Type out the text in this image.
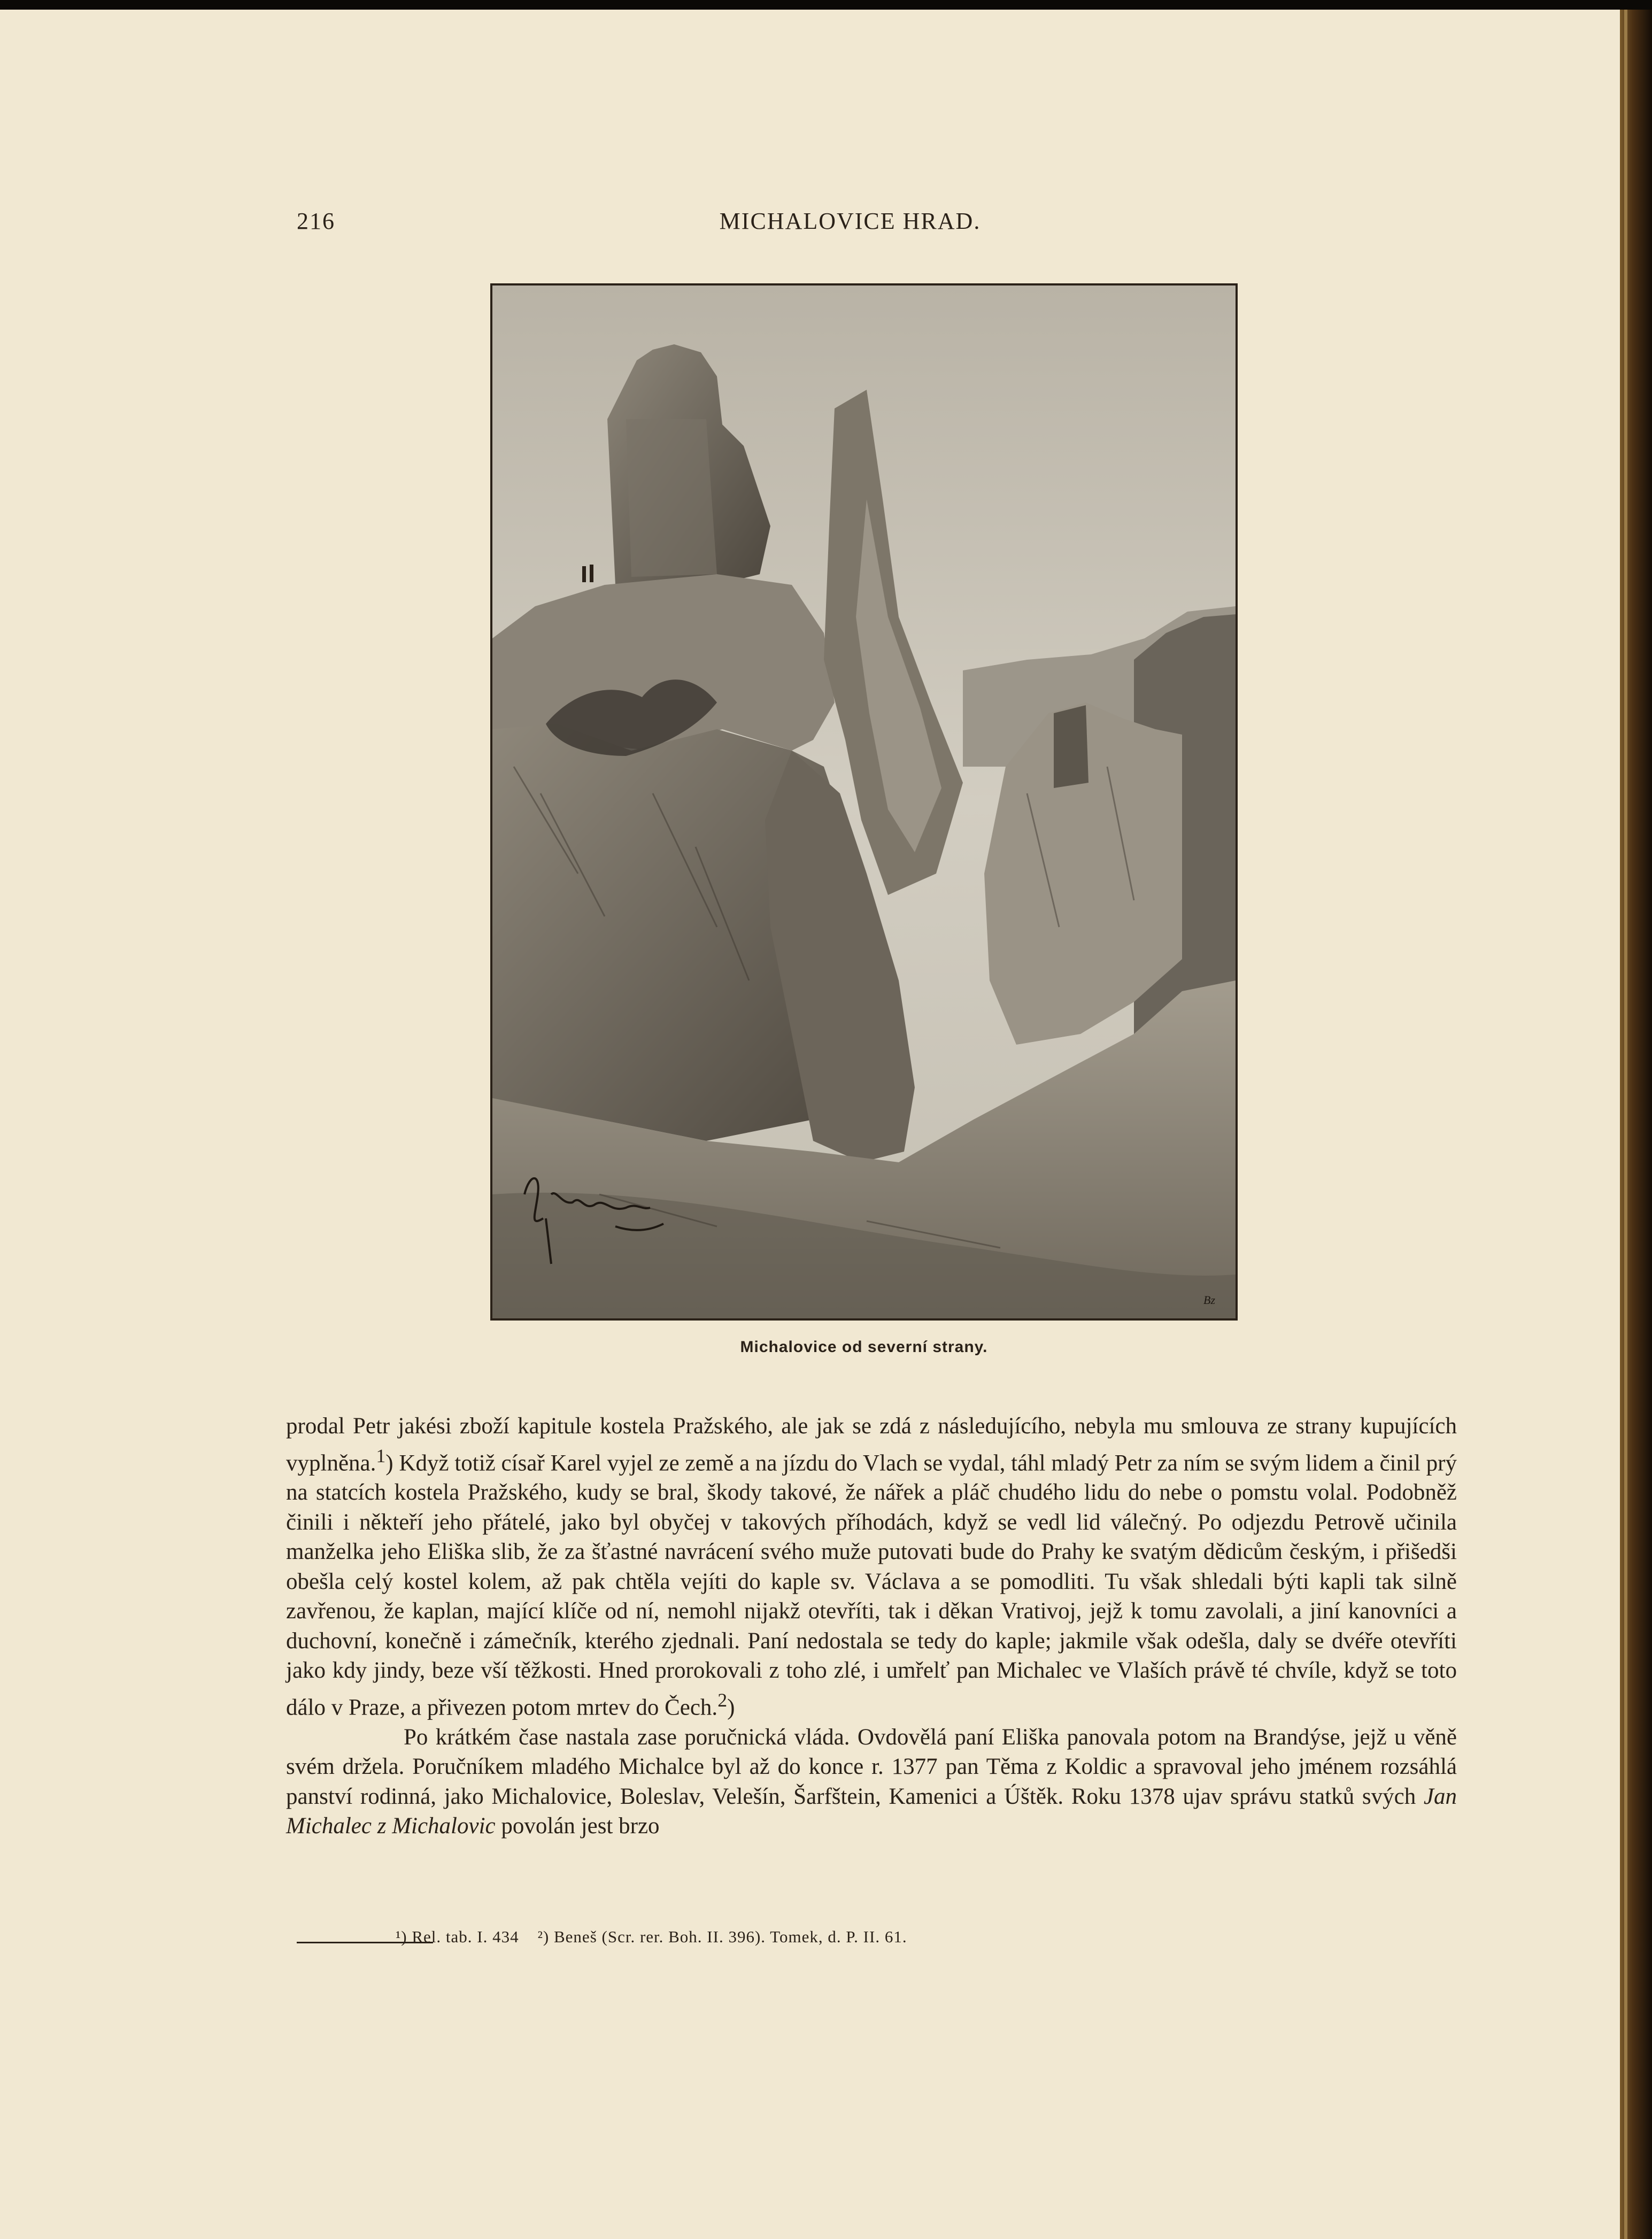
216	MICHALOVICE HRAD.
Bz
Michalovice od severní strany.

prodal Petr jakési zboží kapitule kostela Pražského, ale jak se zdá z následujícího, nebyla mu smlouva ze strany kupujících vyplněna.$^1$) Když totiž císař Karel vyjel ze země a na jízdu do Vlach se vydal, táhl mladý Petr za ním se svým lidem a činil prý na statcích kostela Pražského, kudy se bral, škody takové, že nářek a pláč chudého lidu do nebe o pomstu volal. Podobněž činili i někteří jeho přátelé, jako byl obyčej v takových příhodách, když se vedl lid válečný. Po odjezdu Petrově učinila manželka jeho Eliška slib, že za šťastné navrácení svého muže putovati bude do Prahy ke svatým dědicům českým, i přišedši obešla celý kostel kolem, až pak chtěla vejíti do kaple sv. Václava a se pomodliti. Tu však shledali býti kapli tak silně zavřenou, že kaplan, mající klíče od ní, nemohl nijakž otevříti, tak i děkan Vrativoj, jejž k tomu zavolali, a jiní kanovníci a duchovní, konečně i zámečník, kterého zjednali. Paní nedostala se tedy do kaple; jakmile však odešla, daly se dvéře otevříti jako kdy jindy, beze vší těžkosti. Hned prorokovali z toho zlé, i umřelť pan Michalec ve Vlaších právě té chvíle, když se toto dálo v Praze, a přivezen potom mrtev do Čech.$^2$)

Po krátkém čase nastala zase poručnická vláda. Ovdovělá paní Eliška panovala potom na Brandýse, jejž u věně svém držela. Poručníkem mladého Michalce byl až do konce r. 1377 pan Těma z Koldic a spravoval jeho jménem rozsáhlá panství rodinná, jako Michalovice, Boleslav, Velešín, Šarfštein, Kamenici a Úštěk. Roku 1378 ujav správu statků svých Jan Michalec z Michalovic povolán jest brzo

¹) Rel. tab. I. 434 ²) Beneš (Scr. rer. Boh. II. 396). Tomek, d. P. II. 61.
